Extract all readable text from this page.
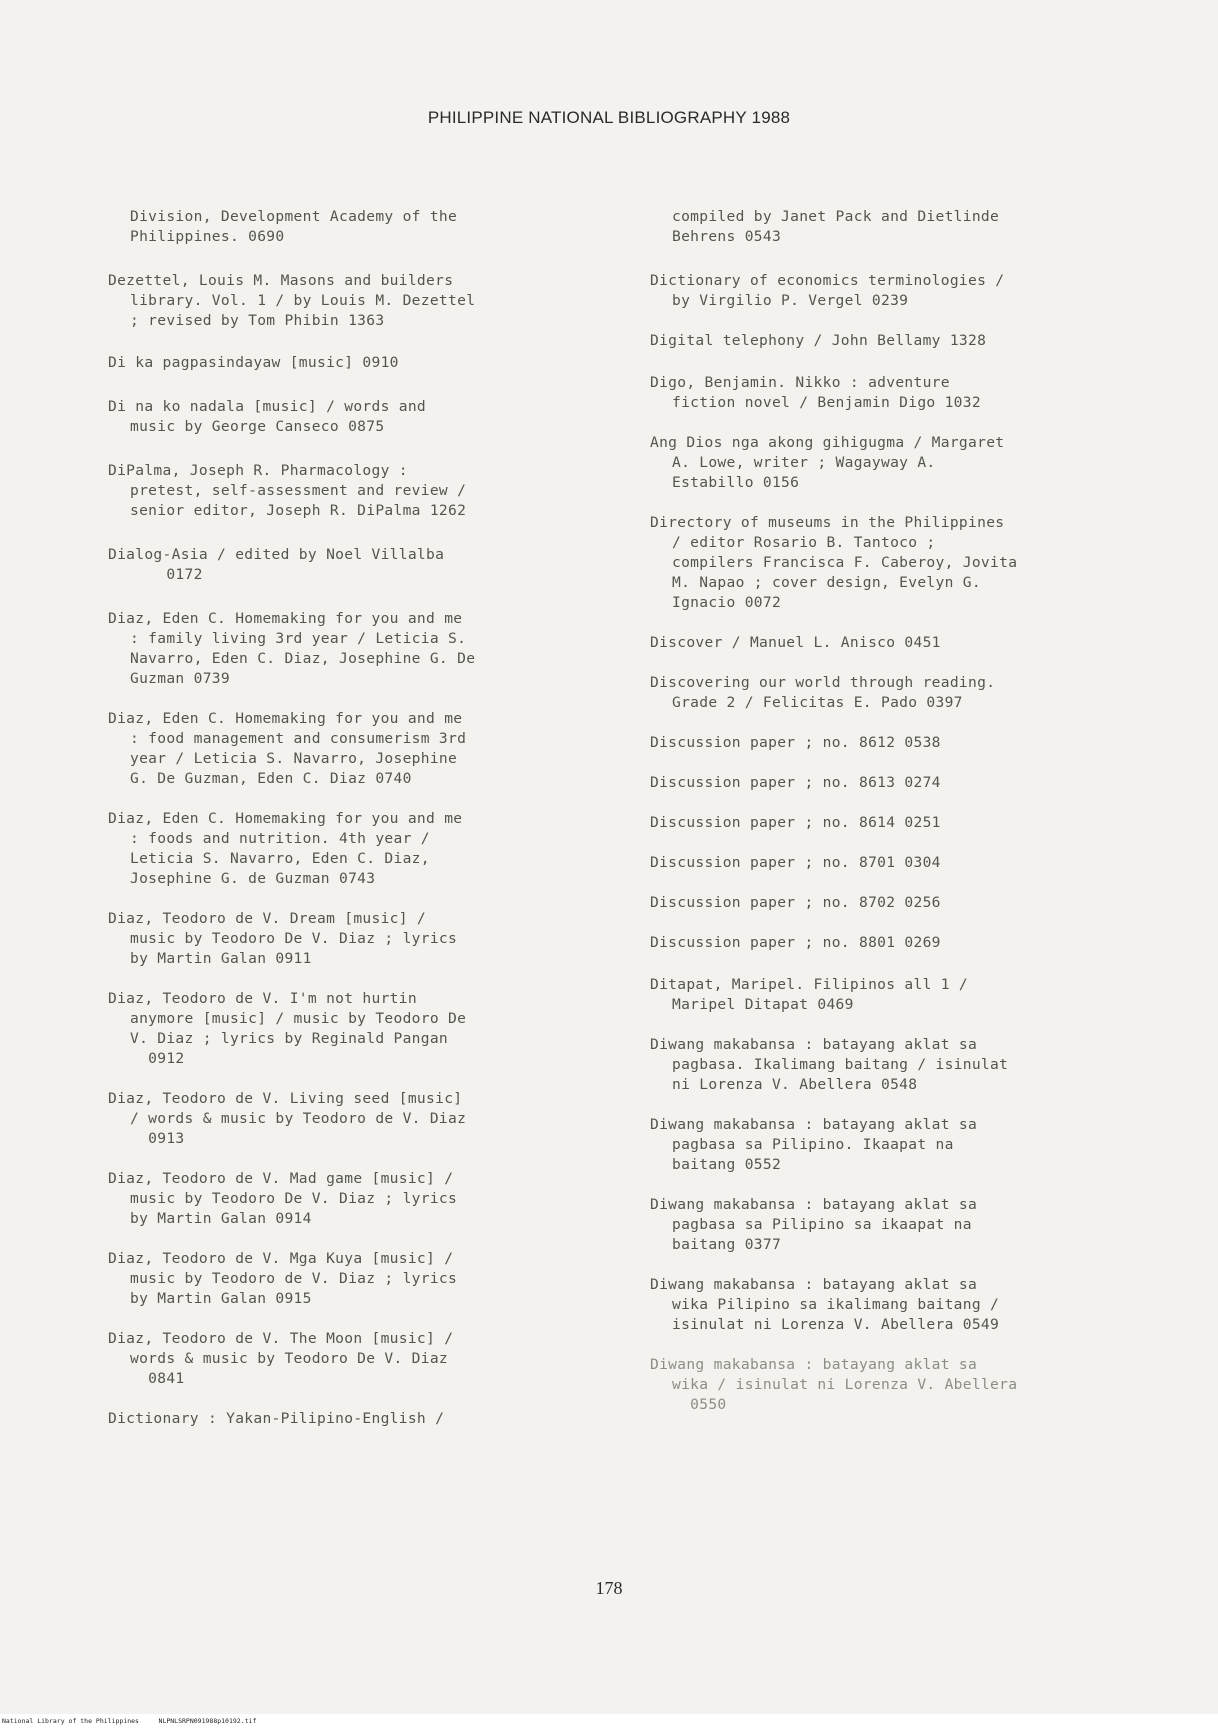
PHILIPPINE NATIONAL BIBLIOGRAPHY 1988
Division, Development Academy of the
Philippines. 0690
Dezettel, Louis M. Masons and builders
library. Vol. 1 / by Louis M. Dezettel
; revised by Tom Phibin 1363
Di ka pagpasindayaw [music] 0910
Di na ko nadala [music] / words and
music by George Canseco 0875
DiPalma, Joseph R. Pharmacology :
pretest, self-assessment and review /
senior editor, Joseph R. DiPalma 1262
Dialog-Asia / edited by Noel Villalba
0172
Diaz, Eden C. Homemaking for you and me
: family living 3rd year / Leticia S.
Navarro, Eden C. Diaz, Josephine G. De
Guzman 0739
Diaz, Eden C. Homemaking for you and me
: food management and consumerism 3rd
year / Leticia S. Navarro, Josephine
G. De Guzman, Eden C. Diaz 0740
Diaz, Eden C. Homemaking for you and me
: foods and nutrition. 4th year /
Leticia S. Navarro, Eden C. Diaz,
Josephine G. de Guzman 0743
Diaz, Teodoro de V. Dream [music] /
music by Teodoro De V. Diaz ; lyrics
by Martin Galan 0911
Diaz, Teodoro de V. I'm not hurtin
anymore [music] / music by Teodoro De
V. Diaz ; lyrics by Reginald Pangan
0912
Diaz, Teodoro de V. Living seed [music]
/ words & music by Teodoro de V. Diaz
0913
Diaz, Teodoro de V. Mad game [music] /
music by Teodoro De V. Diaz ; lyrics
by Martin Galan 0914
Diaz, Teodoro de V. Mga Kuya [music] /
music by Teodoro de V. Diaz ; lyrics
by Martin Galan 0915
Diaz, Teodoro de V. The Moon [music] /
words & music by Teodoro De V. Diaz
0841
Dictionary : Yakan-Pilipino-English /
compiled by Janet Pack and Dietlinde
Behrens 0543
Dictionary of economics terminologies /
by Virgilio P. Vergel 0239
Digital telephony / John Bellamy 1328
Digo, Benjamin. Nikko : adventure
fiction novel / Benjamin Digo 1032
Ang Dios nga akong gihigugma / Margaret
A. Lowe, writer ; Wagayway A.
Estabillo 0156
Directory of museums in the Philippines
/ editor Rosario B. Tantoco ;
compilers Francisca F. Caberoy, Jovita
M. Napao ; cover design, Evelyn G.
Ignacio 0072
Discover / Manuel L. Anisco 0451
Discovering our world through reading.
Grade 2 / Felicitas E. Pado 0397
Discussion paper ; no. 8612 0538
Discussion paper ; no. 8613 0274
Discussion paper ; no. 8614 0251
Discussion paper ; no. 8701 0304
Discussion paper ; no. 8702 0256
Discussion paper ; no. 8801 0269
Ditapat, Maripel. Filipinos all 1 /
Maripel Ditapat 0469
Diwang makabansa : batayang aklat sa
pagbasa. Ikalimang baitang / isinulat
ni Lorenza V. Abellera 0548
Diwang makabansa : batayang aklat sa
pagbasa sa Pilipino. Ikaapat na
baitang 0552
Diwang makabansa : batayang aklat sa
pagbasa sa Pilipino sa ikaapat na
baitang 0377
Diwang makabansa : batayang aklat sa
wika Pilipino sa ikalimang baitang /
isinulat ni Lorenza V. Abellera 0549
Diwang makabansa : batayang aklat sa
wika / isinulat ni Lorenza V. Abellera
0550
178
National Library of the Philippines     NLPNLSRPN091988p10192.tif
